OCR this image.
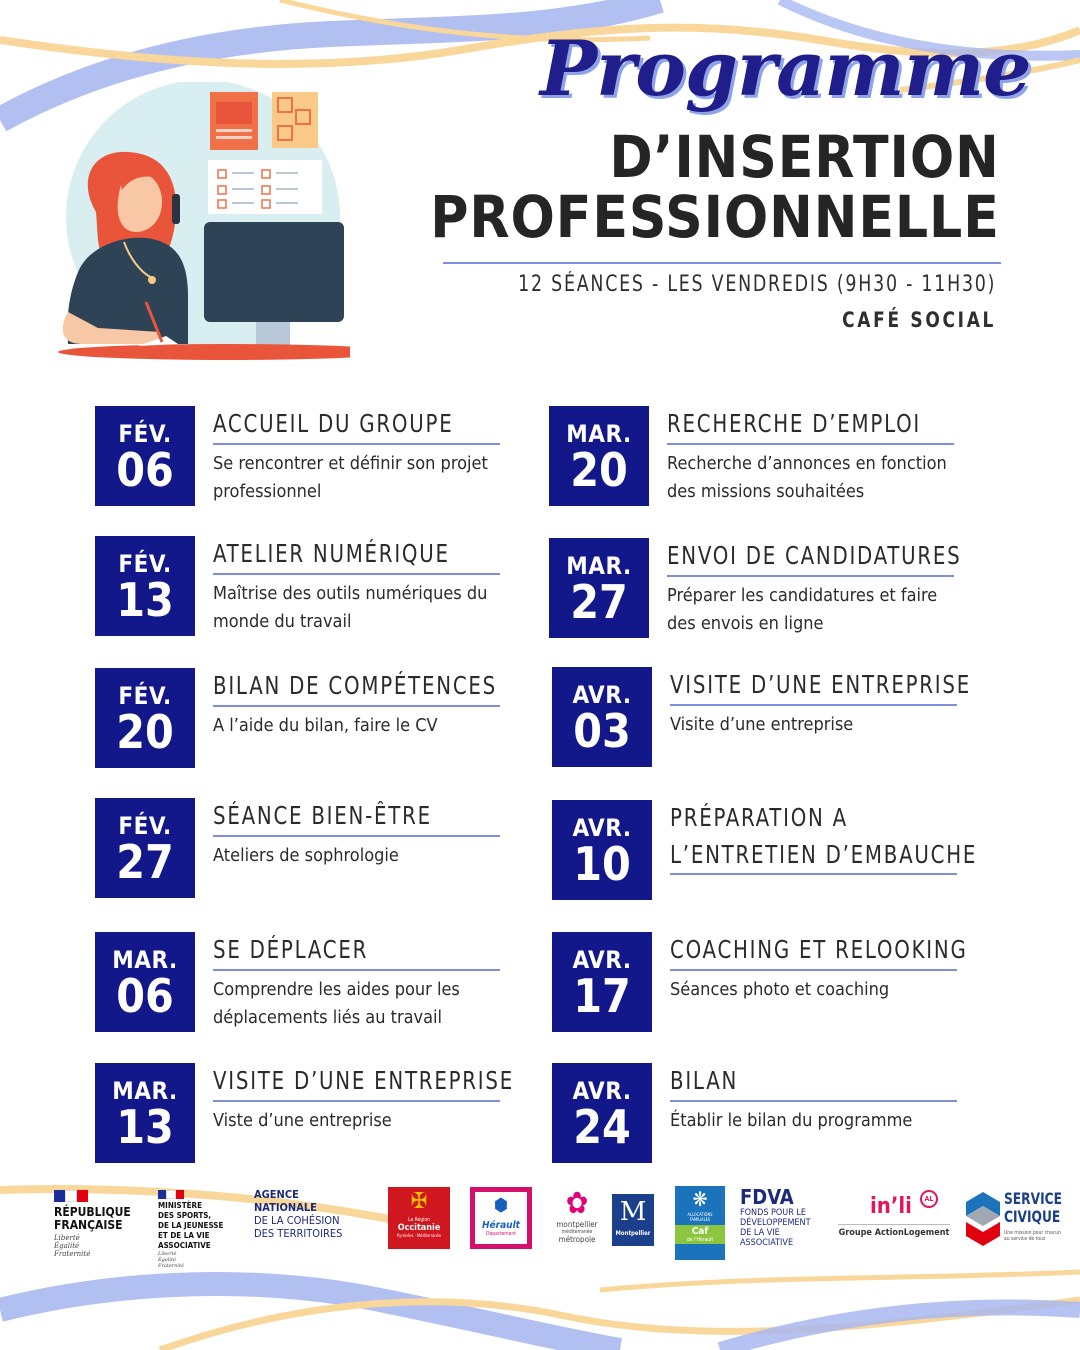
Programme
D’INSERTION
PROFESSIONNELLE
12 SÉANCES - LES VENDREDIS (9H30 - 11H30)
CAFÉ SOCIAL
FÉV.
06
ACCUEIL DU GROUPE
Se rencontrer et définir son projet professionnel
FÉV.
13
ATELIER NUMÉRIQUE
Maîtrise des outils numériques du monde du travail
FÉV.
20
BILAN DE COMPÉTENCES
A l’aide du bilan, faire le CV
FÉV.
27
SÉANCE BIEN-ÊTRE
Ateliers de sophrologie
MAR.
06
SE DÉPLACER
Comprendre les aides pour les déplacements liés au travail
MAR.
13
VISITE D’UNE ENTREPRISE
Viste d’une entreprise
MAR.
20
RECHERCHE D’EMPLOI
Recherche d’annonces en fonction des missions souhaitées
MAR.
27
ENVOI DE CANDIDATURES
Préparer les candidatures et faire des envois en ligne
AVR.
03
VISITE D’UNE ENTREPRISE
Visite d’une entreprise
AVR.
10
PRÉPARATION A
L’ENTRETIEN D’EMBAUCHE
AVR.
17
COACHING ET RELOOKING
Séances photo et coaching
AVR.
24
BILAN
Établir le bilan du programme
RÉPUBLIQUE
FRANÇAISE
Liberté
Égalité
Fraternité
MINISTÈRE
DES SPORTS,
DE LA JEUNESSE
ET DE LA VIE
ASSOCIATIVE
Liberté
Égalité
Fraternité
AGENCE
NATIONALE
DE LA COHÉSION
DES TERRITOIRES
✠
La Région
Occitanie
Pyrénées · Méditerranée
⬢
Hérault
Département
✿
montpellier
méditerranée
métropole
M
Montpellier
❋
ALLOCATIONS
FAMILIALES
Caf
de l’Hérault
FDVA
FONDS POUR LE
DÉVELOPPEMENT
DE LA VIE
ASSOCIATIVE
in’li	AL
Groupe ActionLogement
SERVICE
CIVIQUE
Une mission pour chacun
au service de tous
